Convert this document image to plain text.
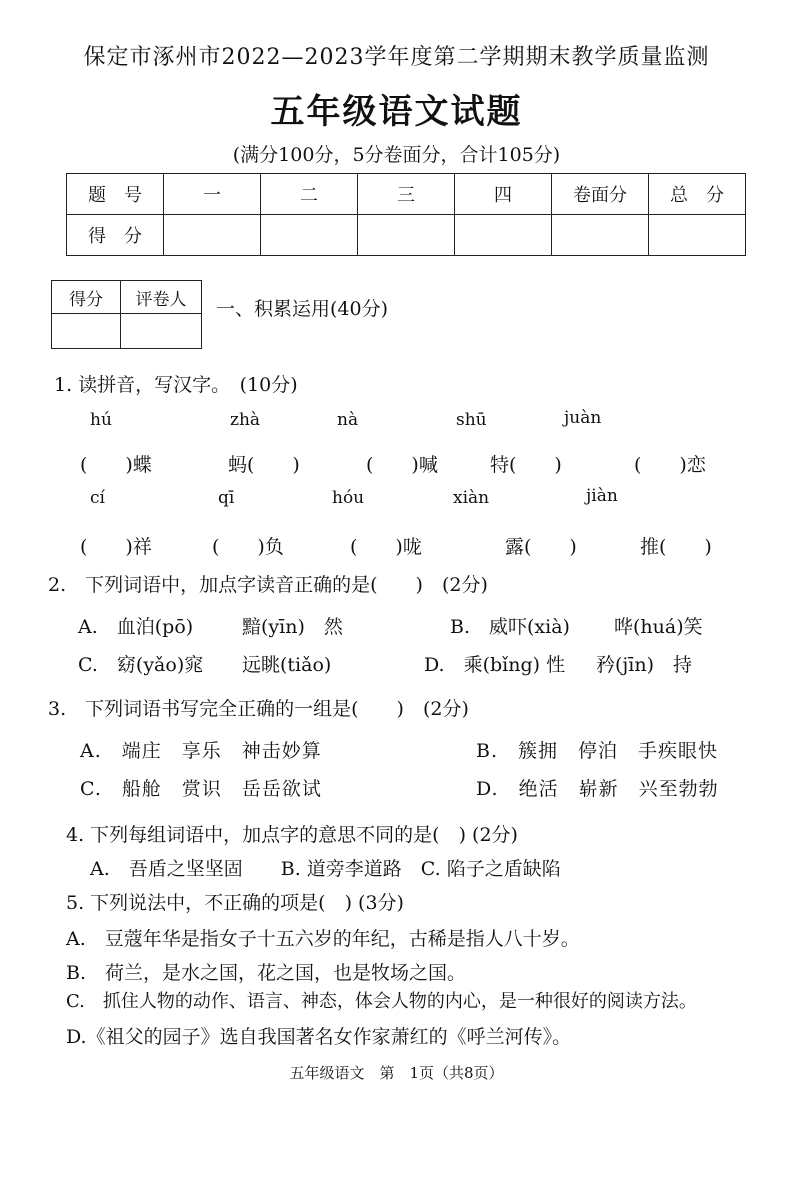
保定市涿州市2022—2023学年度第二学期期末教学质量监测
五年级语文试题
(满分100分，5分卷面分，合计105分)
题　号	一	二	三	四	卷面分	总　分
得　分						
得分	评卷人
	一、积累运用(40分)
1. 读拼音，写汉字。　(10分)
hú	zhà	nà	shū	juàn
(　　)蝶	蚂(　　)	(　　)喊	特(　　)	(　　)恋
cí	qī	hóu	xiàn	jiàn
(　　)祥	(　　)负	(　　)咙	露(　　)	推(　　)
2.　下列词语中，加点字读音正确的是(　　)　(2分)
A.　血泊(pō)	黯(yīn)　然	B.　威吓(xià) 哗(huá)笑
C.　窈(yǎo)窕 远眺(tiǎo)	D.　乘(bǐng) 性 矜(jīn)　持
3.　下列词语书写完全正确的一组是(　　)　(2分)
A.　端庄　享乐　神击妙算	B.　簇拥　停泊　手疾眼快
C.　船舱　赏识　岳岳欲试	D.　绝活　崭新　兴至勃勃
4. 下列每组词语中，加点字的意思不同的是(　) (2分)
A.　吾盾之坚坚固　　B. 道旁李道路　C. 陷子之盾缺陷
5. 下列说法中，不正确的项是(　) (3分)
A.　豆蔻年华是指女子十五六岁的年纪，古稀是指人八十岁。
B.　荷兰，是水之国，花之国，也是牧场之国。
C.　抓住人物的动作、语言、神态，体会人物的内心，是一种很好的阅读方法。
D.《祖父的园子》选自我国著名女作家萧红的《呼兰河传》。
五年级语文　第　1页（共8页）
